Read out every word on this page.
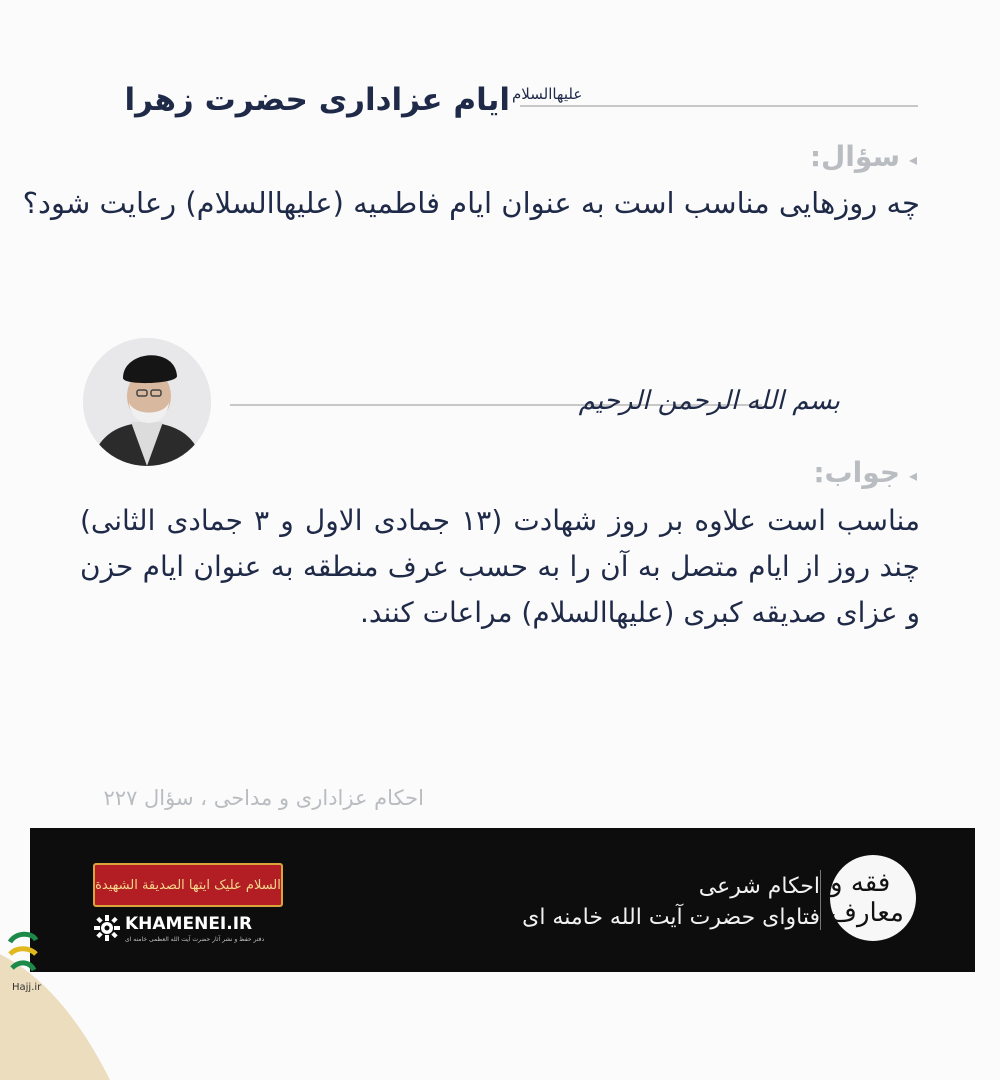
ایام عزاداری حضرت زهرا علیهاالسلام
◂
سؤال:
چه روزهایی مناسب است به عنوان ایام فاطمیه (علیهاالسلام) رعایت شود؟
بسم الله الرحمن الرحیم
◂
جواب:
مناسب است علاوه بر روز شهادت (۱۳ جمادی الاول و ۳ جمادی الثانی) چند روز از ایام متصل به آن را به حسب عرف منطقه به عنوان ایام حزن و عزای صدیقه کبری (علیهاالسلام) مراعات کنند.
احکام عزاداری و مداحی ، سؤال ۲۲۷
فقه و معارف
احکام شرعی
فتاوای حضرت آیت الله خامنه ای
السلام علیک ایتها الصدیقة الشهیدة
KHAMENEI.IR
دفتر حفظ و نشر آثار حضرت آیت الله العظمی خامنه ای
Hajj.ir
